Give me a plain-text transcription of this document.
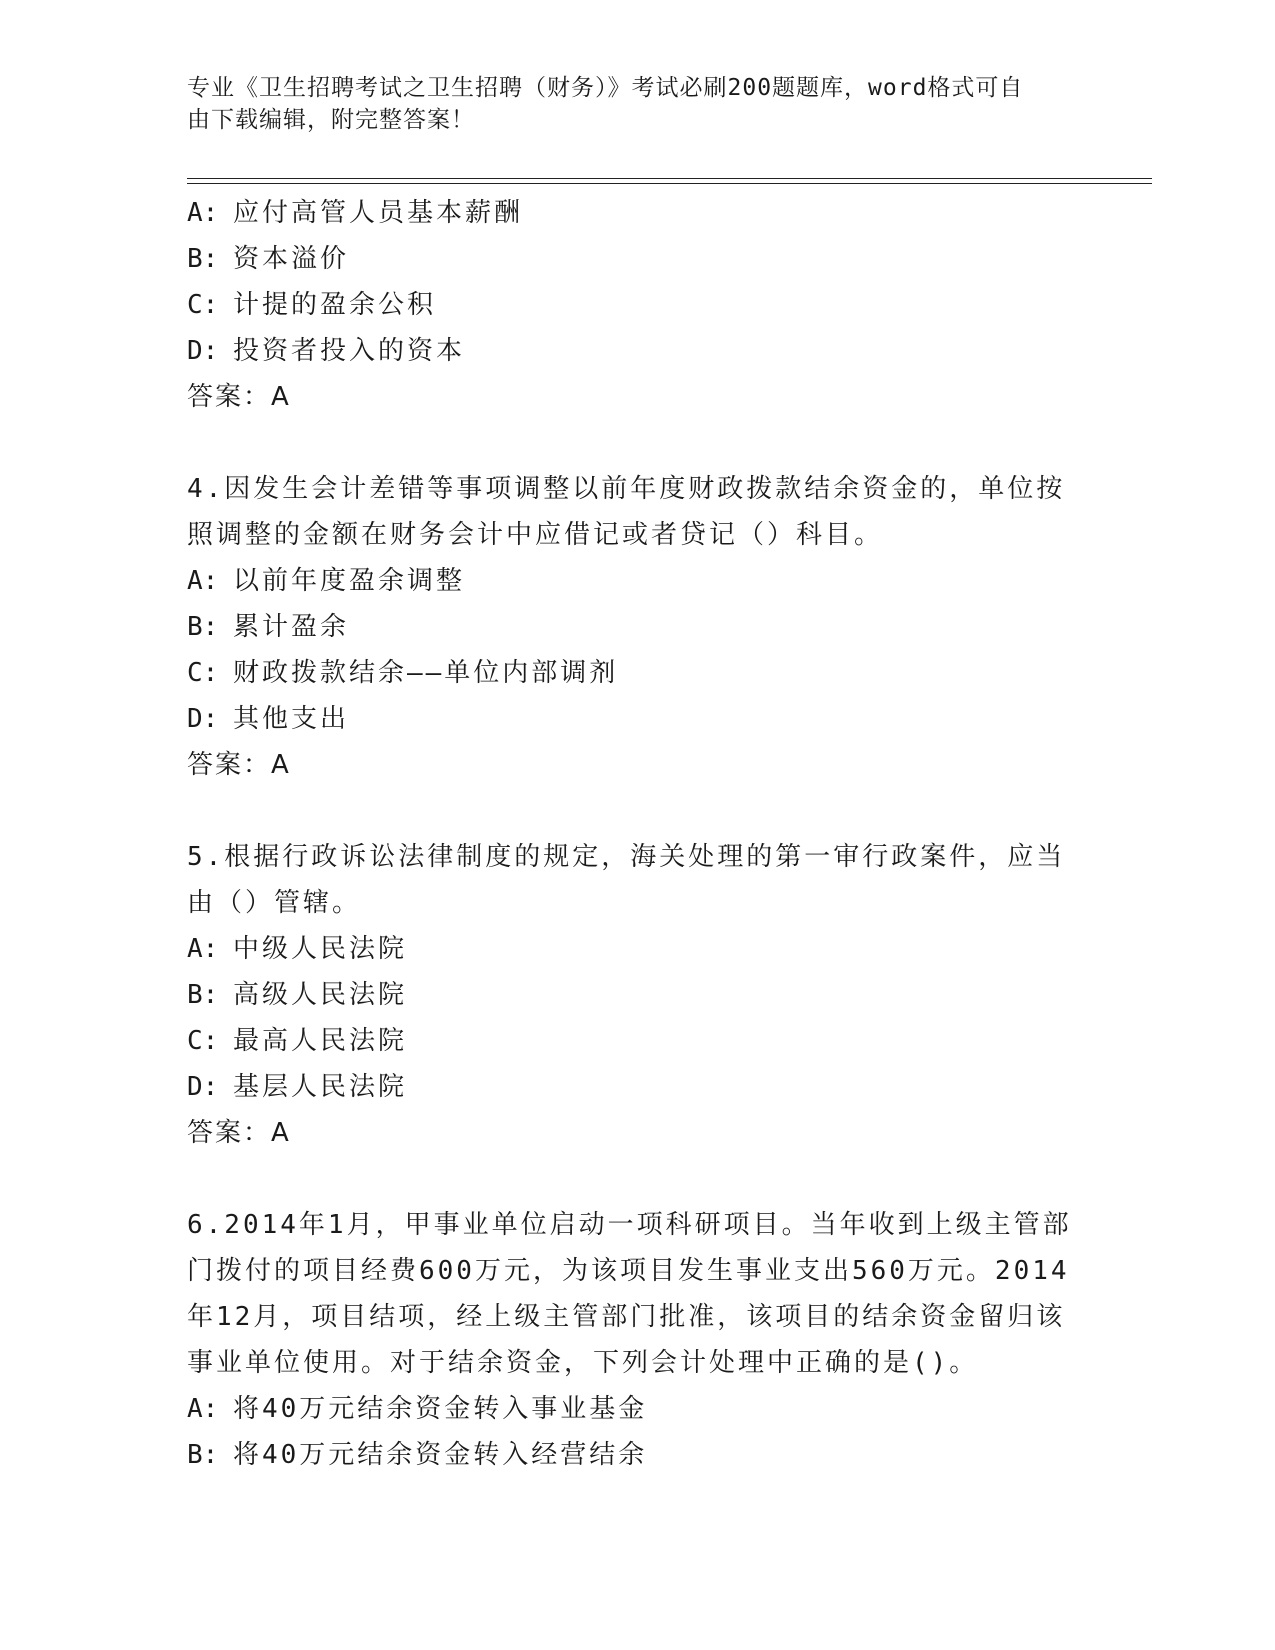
专业《卫生招聘考试之卫生招聘（财务）》考试必刷200题题库，word格式可自
由下载编辑，附完整答案！
A: 应付高管人员基本薪酬
B: 资本溢价
C: 计提的盈余公积
D: 投资者投入的资本
答案：A
4.因发生会计差错等事项调整以前年度财政拨款结余资金的，单位按
照调整的金额在财务会计中应借记或者贷记（）科目。
A: 以前年度盈余调整
B: 累计盈余
C: 财政拨款结余——单位内部调剂
D: 其他支出
答案：A
5.根据行政诉讼法律制度的规定，海关处理的第一审行政案件，应当
由（）管辖。
A: 中级人民法院
B: 高级人民法院
C: 最高人民法院
D: 基层人民法院
答案：A
6.2014年1月，甲事业单位启动一项科研项目。当年收到上级主管部
门拨付的项目经费600万元，为该项目发生事业支出560万元。2014
年12月，项目结项，经上级主管部门批准，该项目的结余资金留归该
事业单位使用。对于结余资金，下列会计处理中正确的是()。
A: 将40万元结余资金转入事业基金
B: 将40万元结余资金转入经营结余
